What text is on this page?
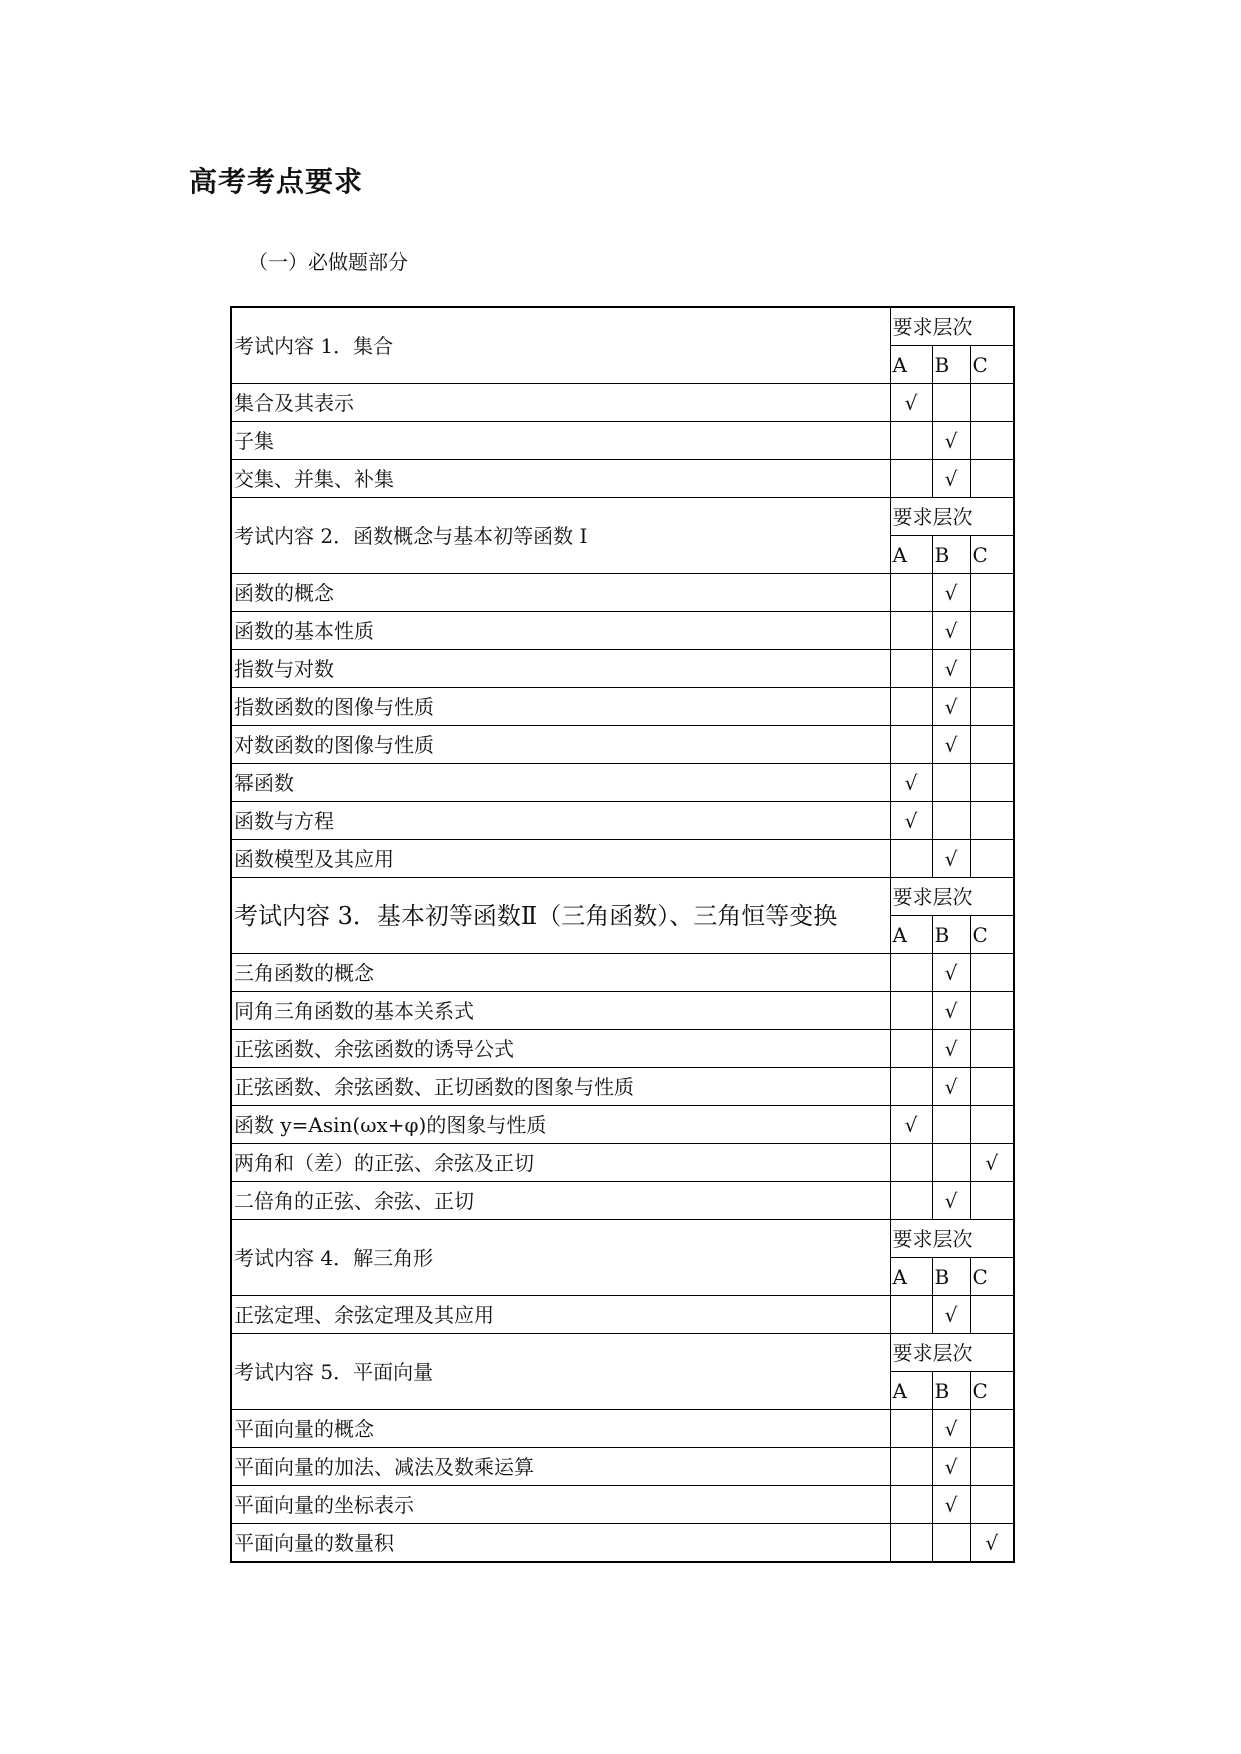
高考考点要求
（一）必做题部分
考试内容 1．集合	要求层次		
	A	B	C
集合及其表示	√		
子集		√	
交集、并集、补集		√	
考试内容 2．函数概念与基本初等函数 I	要求层次		
	A	B	C
函数的概念		√	
函数的基本性质		√	
指数与对数		√	
指数函数的图像与性质		√	
对数函数的图像与性质		√	
幂函数	√		
函数与方程	√		
函数模型及其应用		√	
考试内容 3．基本初等函数Ⅱ（三角函数）、三角恒等变换	要求层次		
	A	B	C
三角函数的概念		√	
同角三角函数的基本关系式		√	
正弦函数、余弦函数的诱导公式		√	
正弦函数、余弦函数、正切函数的图象与性质		√	
函数 y=Asin(ωx+φ)的图象与性质	√		
两角和（差）的正弦、余弦及正切			√
二倍角的正弦、余弦、正切		√	
考试内容 4．解三角形	要求层次		
	A	B	C
正弦定理、余弦定理及其应用		√	
考试内容 5．平面向量	要求层次		
	A	B	C
平面向量的概念		√	
平面向量的加法、减法及数乘运算		√	
平面向量的坐标表示		√	
平面向量的数量积			√
